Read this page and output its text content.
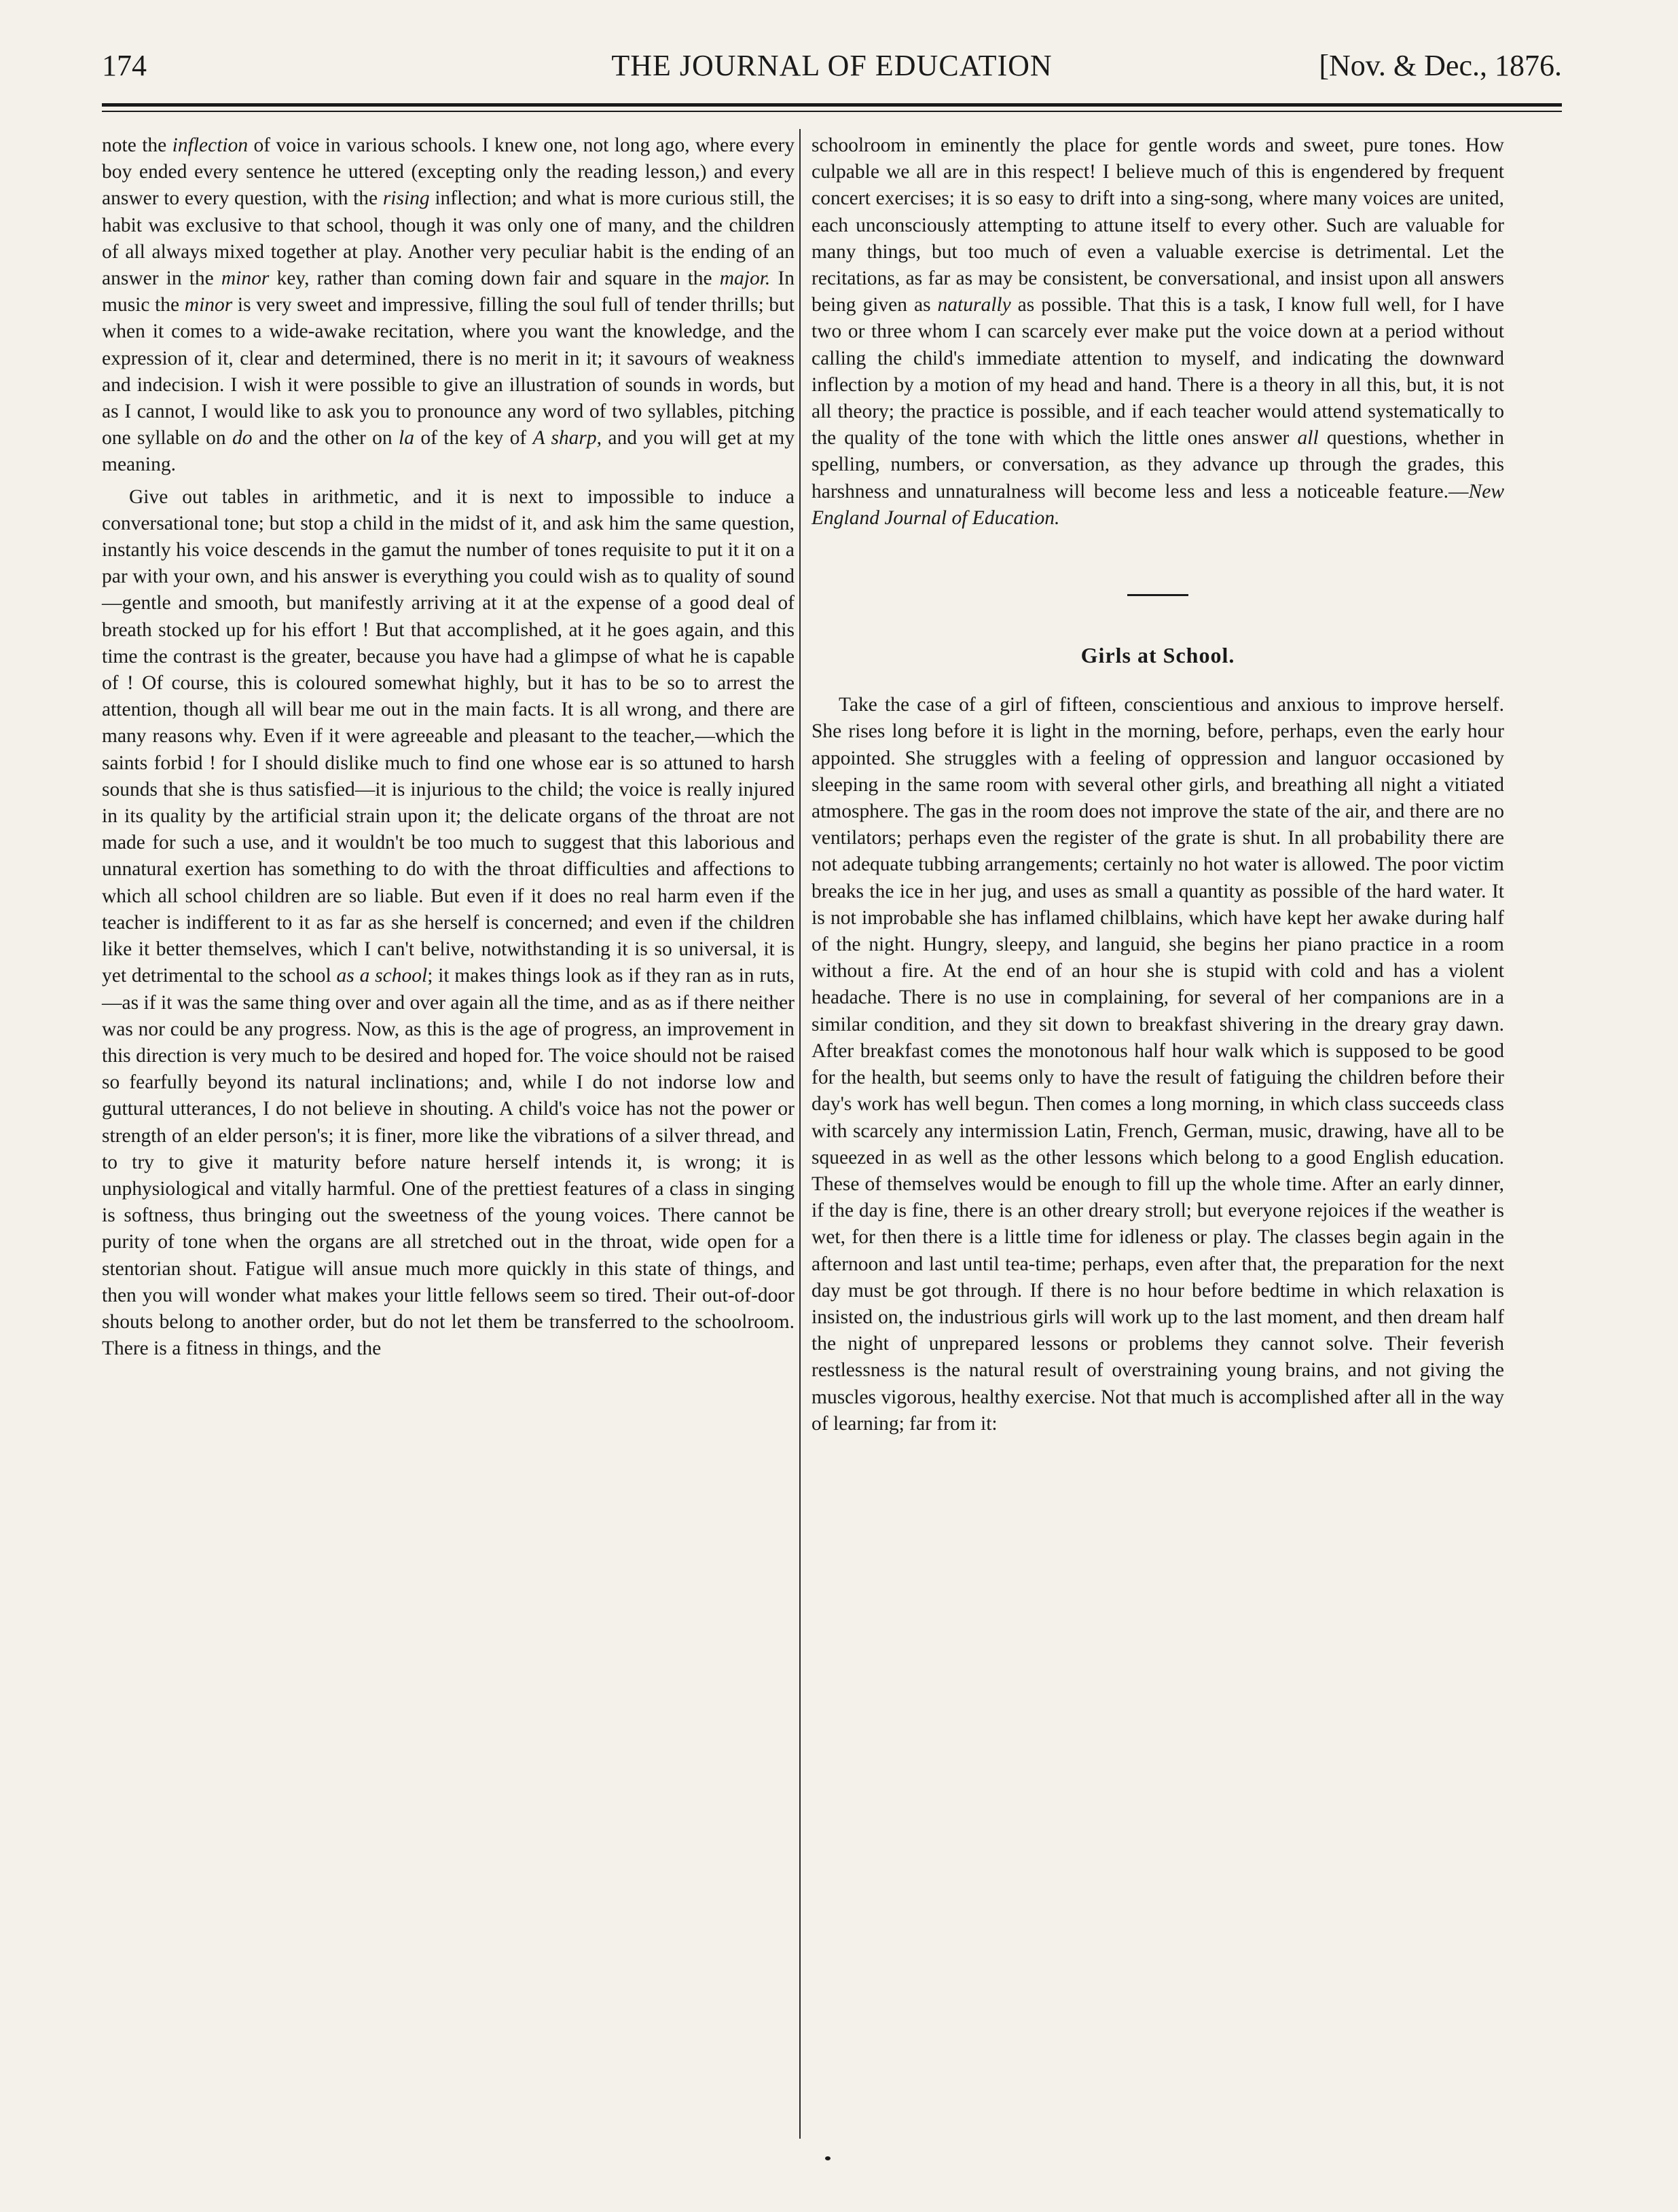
174	THE JOURNAL OF EDUCATION	[Nov. & Dec., 1876.

note the inflection of voice in various schools. I knew one, not long ago, where every boy ended every sentence he uttered (excepting only the reading lesson,) and every answer to every question, with the rising inflection; and what is more curious still, the habit was exclusive to that school, though it was only one of many, and the children of all always mixed together at play. Another very peculiar habit is the ending of an answer in the minor key, rather than coming down fair and square in the major. In music the minor is very sweet and impressive, filling the soul full of tender thrills; but when it comes to a wide-awake recitation, where you want the knowledge, and the expression of it, clear and determined, there is no merit in it; it savours of weakness and indecision. I wish it were possible to give an illustration of sounds in words, but as I cannot, I would like to ask you to pronounce any word of two syllables, pitching one syllable on do and the other on la of the key of A sharp, and you will get at my meaning.

Give out tables in arithmetic, and it is next to impossible to induce a conversational tone; but stop a child in the midst of it, and ask him the same question, instantly his voice descends in the gamut the number of tones requisite to put it it on a par with your own, and his answer is everything you could wish as to quality of sound—gentle and smooth, but manifestly arriving at it at the expense of a good deal of breath stocked up for his effort ! But that accomplished, at it he goes again, and this time the contrast is the greater, because you have had a glimpse of what he is capable of ! Of course, this is coloured somewhat highly, but it has to be so to arrest the attention, though all will bear me out in the main facts. It is all wrong, and there are many reasons why. Even if it were agreeable and pleasant to the teacher,—which the saints forbid ! for I should dislike much to find one whose ear is so attuned to harsh sounds that she is thus satisfied—it is injurious to the child; the voice is really injured in its quality by the artificial strain upon it; the delicate organs of the throat are not made for such a use, and it wouldn't be too much to suggest that this laborious and unnatural exertion has something to do with the throat difficulties and affections to which all school children are so liable. But even if it does no real harm even if the teacher is indifferent to it as far as she herself is concerned; and even if the children like it better themselves, which I can't belive, notwithstanding it is so universal, it is yet detrimental to the school as a school; it makes things look as if they ran as in ruts, —as if it was the same thing over and over again all the time, and as as if there neither was nor could be any progress. Now, as this is the age of progress, an improvement in this direction is very much to be desired and hoped for. The voice should not be raised so fearfully beyond its natural inclinations; and, while I do not indorse low and guttural utterances, I do not believe in shouting. A child's voice has not the power or strength of an elder person's; it is finer, more like the vibrations of a silver thread, and to try to give it maturity before nature herself intends it, is wrong; it is unphysiological and vitally harmful. One of the prettiest features of a class in singing is softness, thus bringing out the sweetness of the young voices. There cannot be purity of tone when the organs are all stretched out in the throat, wide open for a stentorian shout. Fatigue will ansue much more quickly in this state of things, and then you will wonder what makes your little fellows seem so tired. Their out-of-door shouts belong to another order, but do not let them be transferred to the schoolroom. There is a fitness in things, and the

schoolroom in eminently the place for gentle words and sweet, pure tones. How culpable we all are in this respect! I believe much of this is engendered by frequent concert exercises; it is so easy to drift into a sing-song, where many voices are united, each unconsciously attempting to attune itself to every other. Such are valuable for many things, but too much of even a valuable exercise is detrimental. Let the recitations, as far as may be consistent, be conversational, and insist upon all answers being given as naturally as possible. That this is a task, I know full well, for I have two or three whom I can scarcely ever make put the voice down at a period without calling the child's immediate attention to myself, and indicating the downward inflection by a motion of my head and hand. There is a theory in all this, but, it is not all theory; the practice is possible, and if each teacher would attend systematically to the quality of the tone with which the little ones answer all questions, whether in spelling, numbers, or conversation, as they advance up through the grades, this harshness and unnaturalness will become less and less a noticeable feature.—New England Journal of Education.

Girls at School.

Take the case of a girl of fifteen, conscientious and anxious to improve herself. She rises long before it is light in the morning, before, perhaps, even the early hour appointed. She struggles with a feeling of oppression and languor occasioned by sleeping in the same room with several other girls, and breathing all night a vitiated atmosphere. The gas in the room does not improve the state of the air, and there are no ventilators; perhaps even the register of the grate is shut. In all probability there are not adequate tubbing arrangements; certainly no hot water is allowed. The poor victim breaks the ice in her jug, and uses as small a quantity as possible of the hard water. It is not improbable she has inflamed chilblains, which have kept her awake during half of the night. Hungry, sleepy, and languid, she begins her piano practice in a room without a fire. At the end of an hour she is stupid with cold and has a violent headache. There is no use in complaining, for several of her companions are in a similar condition, and they sit down to breakfast shivering in the dreary gray dawn. After breakfast comes the monotonous half hour walk which is supposed to be good for the health, but seems only to have the result of fatiguing the children before their day's work has well begun. Then comes a long morning, in which class succeeds class with scarcely any intermission Latin, French, German, music, drawing, have all to be squeezed in as well as the other lessons which belong to a good English education. These of themselves would be enough to fill up the whole time. After an early dinner, if the day is fine, there is an other dreary stroll; but everyone rejoices if the weather is wet, for then there is a little time for idleness or play. The classes begin again in the afternoon and last until tea-time; perhaps, even after that, the preparation for the next day must be got through. If there is no hour before bedtime in which relaxation is insisted on, the industrious girls will work up to the last moment, and then dream half the night of unprepared lessons or problems they cannot solve. Their feverish restlessness is the natural result of overstraining young brains, and not giving the muscles vigorous, healthy exercise. Not that much is accomplished after all in the way of learning; far from it:
